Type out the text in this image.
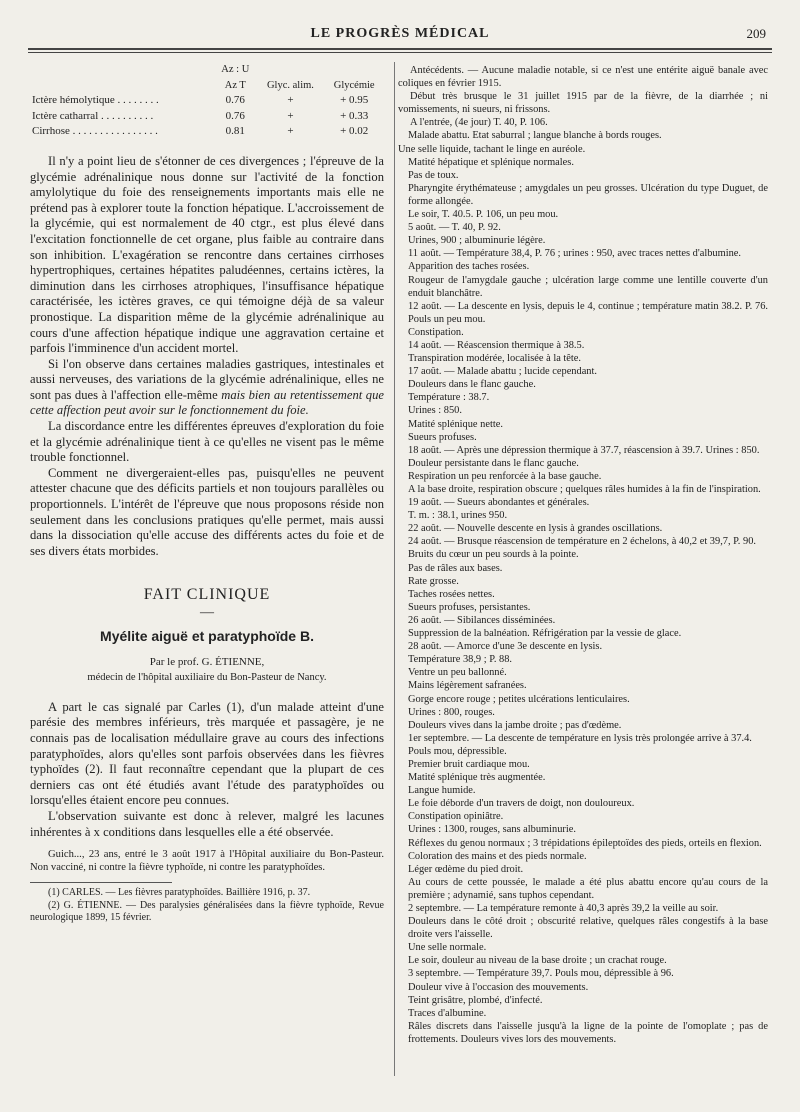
LE PROGRÈS MÉDICAL	209
	Az : U		
	Az T	Glyc. alim.	Glycémie
Ictère hémolytique . . . . . . . .	0.76	+	+ 0.95
Ictère catharral . . . . . . . . . .	0.76	+	+ 0.33
Cirrhose . . . . . . . . . . . . . . . .	0.81	+	+ 0.02

Il n'y a point lieu de s'étonner de ces divergences ; l'épreuve de la glycémie adrénalinique nous donne sur l'activité de la fonction amylolytique du foie des renseignements importants mais elle ne prétend pas à explorer toute la fonction hépatique. L'accroissement de la glycémie, qui est normalement de 40 ctgr., est plus élevé dans l'excitation fonctionnelle de cet organe, plus faible au contraire dans son inhibition. L'exagération se rencontre dans certaines cirrhoses hypertrophiques, certaines hépatites paludéennes, certains ictères, la diminution dans les cirrhoses atrophiques, l'insuffisance hépatique caractérisée, les ictères graves, ce qui témoigne déjà de sa valeur pronostique. La disparition même de la glycémie adrénalinique au cours d'une affection hépatique indique une aggravation certaine et parfois l'imminence d'un accident mortel.

Si l'on observe dans certaines maladies gastriques, intestinales et aussi nerveuses, des variations de la glycémie adrénalinique, elles ne sont pas dues à l'affection elle-même mais bien au retentissement que cette affection peut avoir sur le fonctionnement du foie.

La discordance entre les différentes épreuves d'exploration du foie et la glycémie adrénalinique tient à ce qu'elles ne visent pas le même trouble fonctionnel.

Comment ne divergeraient-elles pas, puisqu'elles ne peuvent attester chacune que des déficits partiels et non toujours parallèles ou proportionnels. L'intérêt de l'épreuve que nous proposons réside non seulement dans les conclusions pratiques qu'elle permet, mais aussi dans la dissociation qu'elle accuse des différents actes du foie et de ses divers états morbides.

FAIT CLINIQUE
—
Myélite aiguë et paratyphoïde B.
Par le prof. G. ÉTIENNE,
médecin de l'hôpital auxiliaire du Bon-Pasteur de Nancy.

A part le cas signalé par Carles (1), d'un malade atteint d'une parésie des membres inférieurs, très marquée et passagère, je ne connais pas de localisation médullaire grave au cours des infections paratyphoïdes, alors qu'elles sont parfois observées dans les fièvres typhoïdes (2). Il faut reconnaître cependant que la plupart de ces derniers cas ont été étudiés avant l'étude des paratyphoïdes ou lorsqu'elles étaient encore peu connues.

L'observation suivante est donc à relever, malgré les lacunes inhérentes à x conditions dans lesquelles elle a été observée.

Guich..., 23 ans, entré le 3 août 1917 à l'Hôpital auxiliaire du Bon-Pasteur. Non vacciné, ni contre la fièvre typhoïde, ni contre les paratyphoïdes.

(1) CARLES. — Les fièvres paratyphoïdes. Baillière 1916, p. 37.

(2) G. ÉTIENNE. — Des paralysies généralisées dans la fièvre typhoïde, Revue neurologique 1899, 15 février.

Antécédents. — Aucune maladie notable, si ce n'est une entérite aiguë banale avec coliques en février 1915.

Début très brusque le 31 juillet 1915 par de la fièvre, de la diarrhée ; ni vomissements, ni sueurs, ni frissons.

A l'entrée, (4e jour) T. 40, P. 106.

Malade abattu. Etat saburral ; langue blanche à bords rouges.

Une selle liquide, tachant le linge en auréole.

Matité hépatique et splénique normales.

Pas de toux.

Pharyngite érythémateuse ; amygdales un peu grosses. Ulcération du type Duguet, de forme allongée.

Le soir, T. 40.5. P. 106, un peu mou.

5 août. — T. 40, P. 92.

Urines, 900 ; albuminurie légère.

11 août. — Température 38,4, P. 76 ; urines : 950, avec traces nettes d'albumine.

Apparition des taches rosées.

Rougeur de l'amygdale gauche ; ulcération large comme une lentille couverte d'un enduit blanchâtre.

12 août. — La descente en lysis, depuis le 4, continue ; température matin 38.2. P. 76. Pouls un peu mou.

Constipation.

14 août. — Réascension thermique à 38.5.

Transpiration modérée, localisée à la tête.

17 août. — Malade abattu ; lucide cependant.

Douleurs dans le flanc gauche.

Température : 38.7.

Urines : 850.

Matité splénique nette.

Sueurs profuses.

18 août. — Après une dépression thermique à 37.7, réascension à 39.7. Urines : 850.

Douleur persistante dans le flanc gauche.

Respiration un peu renforcée à la base gauche.

A la base droite, respiration obscure ; quelques râles humides à la fin de l'inspiration.

19 août. — Sueurs abondantes et générales.

T. m. : 38.1, urines 950.

22 août. — Nouvelle descente en lysis à grandes oscillations.

24 août. — Brusque réascension de température en 2 échelons, à 40,2 et 39,7, P. 90.

Bruits du cœur un peu sourds à la pointe.

Pas de râles aux bases.

Rate grosse.

Taches rosées nettes.

Sueurs profuses, persistantes.

26 août. — Sibilances disséminées.

Suppression de la balnéation. Réfrigération par la vessie de glace.

28 août. — Amorce d'une 3e descente en lysis.

Température 38,9 ; P. 88.

Ventre un peu ballonné.

Mains légèrement safranées.

Gorge encore rouge ; petites ulcérations lenticulaires.

Urines : 800, rouges.

Douleurs vives dans la jambe droite ; pas d'œdème.

1er septembre. — La descente de température en lysis très prolongée arrive à 37.4.

Pouls mou, dépressible.

Premier bruit cardiaque mou.

Matité splénique très augmentée.

Langue humide.

Le foie déborde d'un travers de doigt, non douloureux.

Constipation opiniâtre.

Urines : 1300, rouges, sans albuminurie.

Réflexes du genou normaux ; 3 trépidations épileptoïdes des pieds, orteils en flexion.

Coloration des mains et des pieds normale.

Léger œdème du pied droit.

Au cours de cette poussée, le malade a été plus abattu encore qu'au cours de la première ; adynamié, sans tuphos cependant.

2 septembre. — La température remonte à 40,3 après 39,2 la veille au soir.

Douleurs dans le côté droit ; obscurité relative, quelques râles congestifs à la base droite vers l'aisselle.

Une selle normale.

Le soir, douleur au niveau de la base droite ; un crachat rouge.

3 septembre. — Température 39,7. Pouls mou, dépressible à 96.

Douleur vive à l'occasion des mouvements.

Teint grisâtre, plombé, d'infecté.

Traces d'albumine.

Râles discrets dans l'aisselle jusqu'à la ligne de la pointe de l'omoplate ; pas de frottements. Douleurs vives lors des mouvements.
